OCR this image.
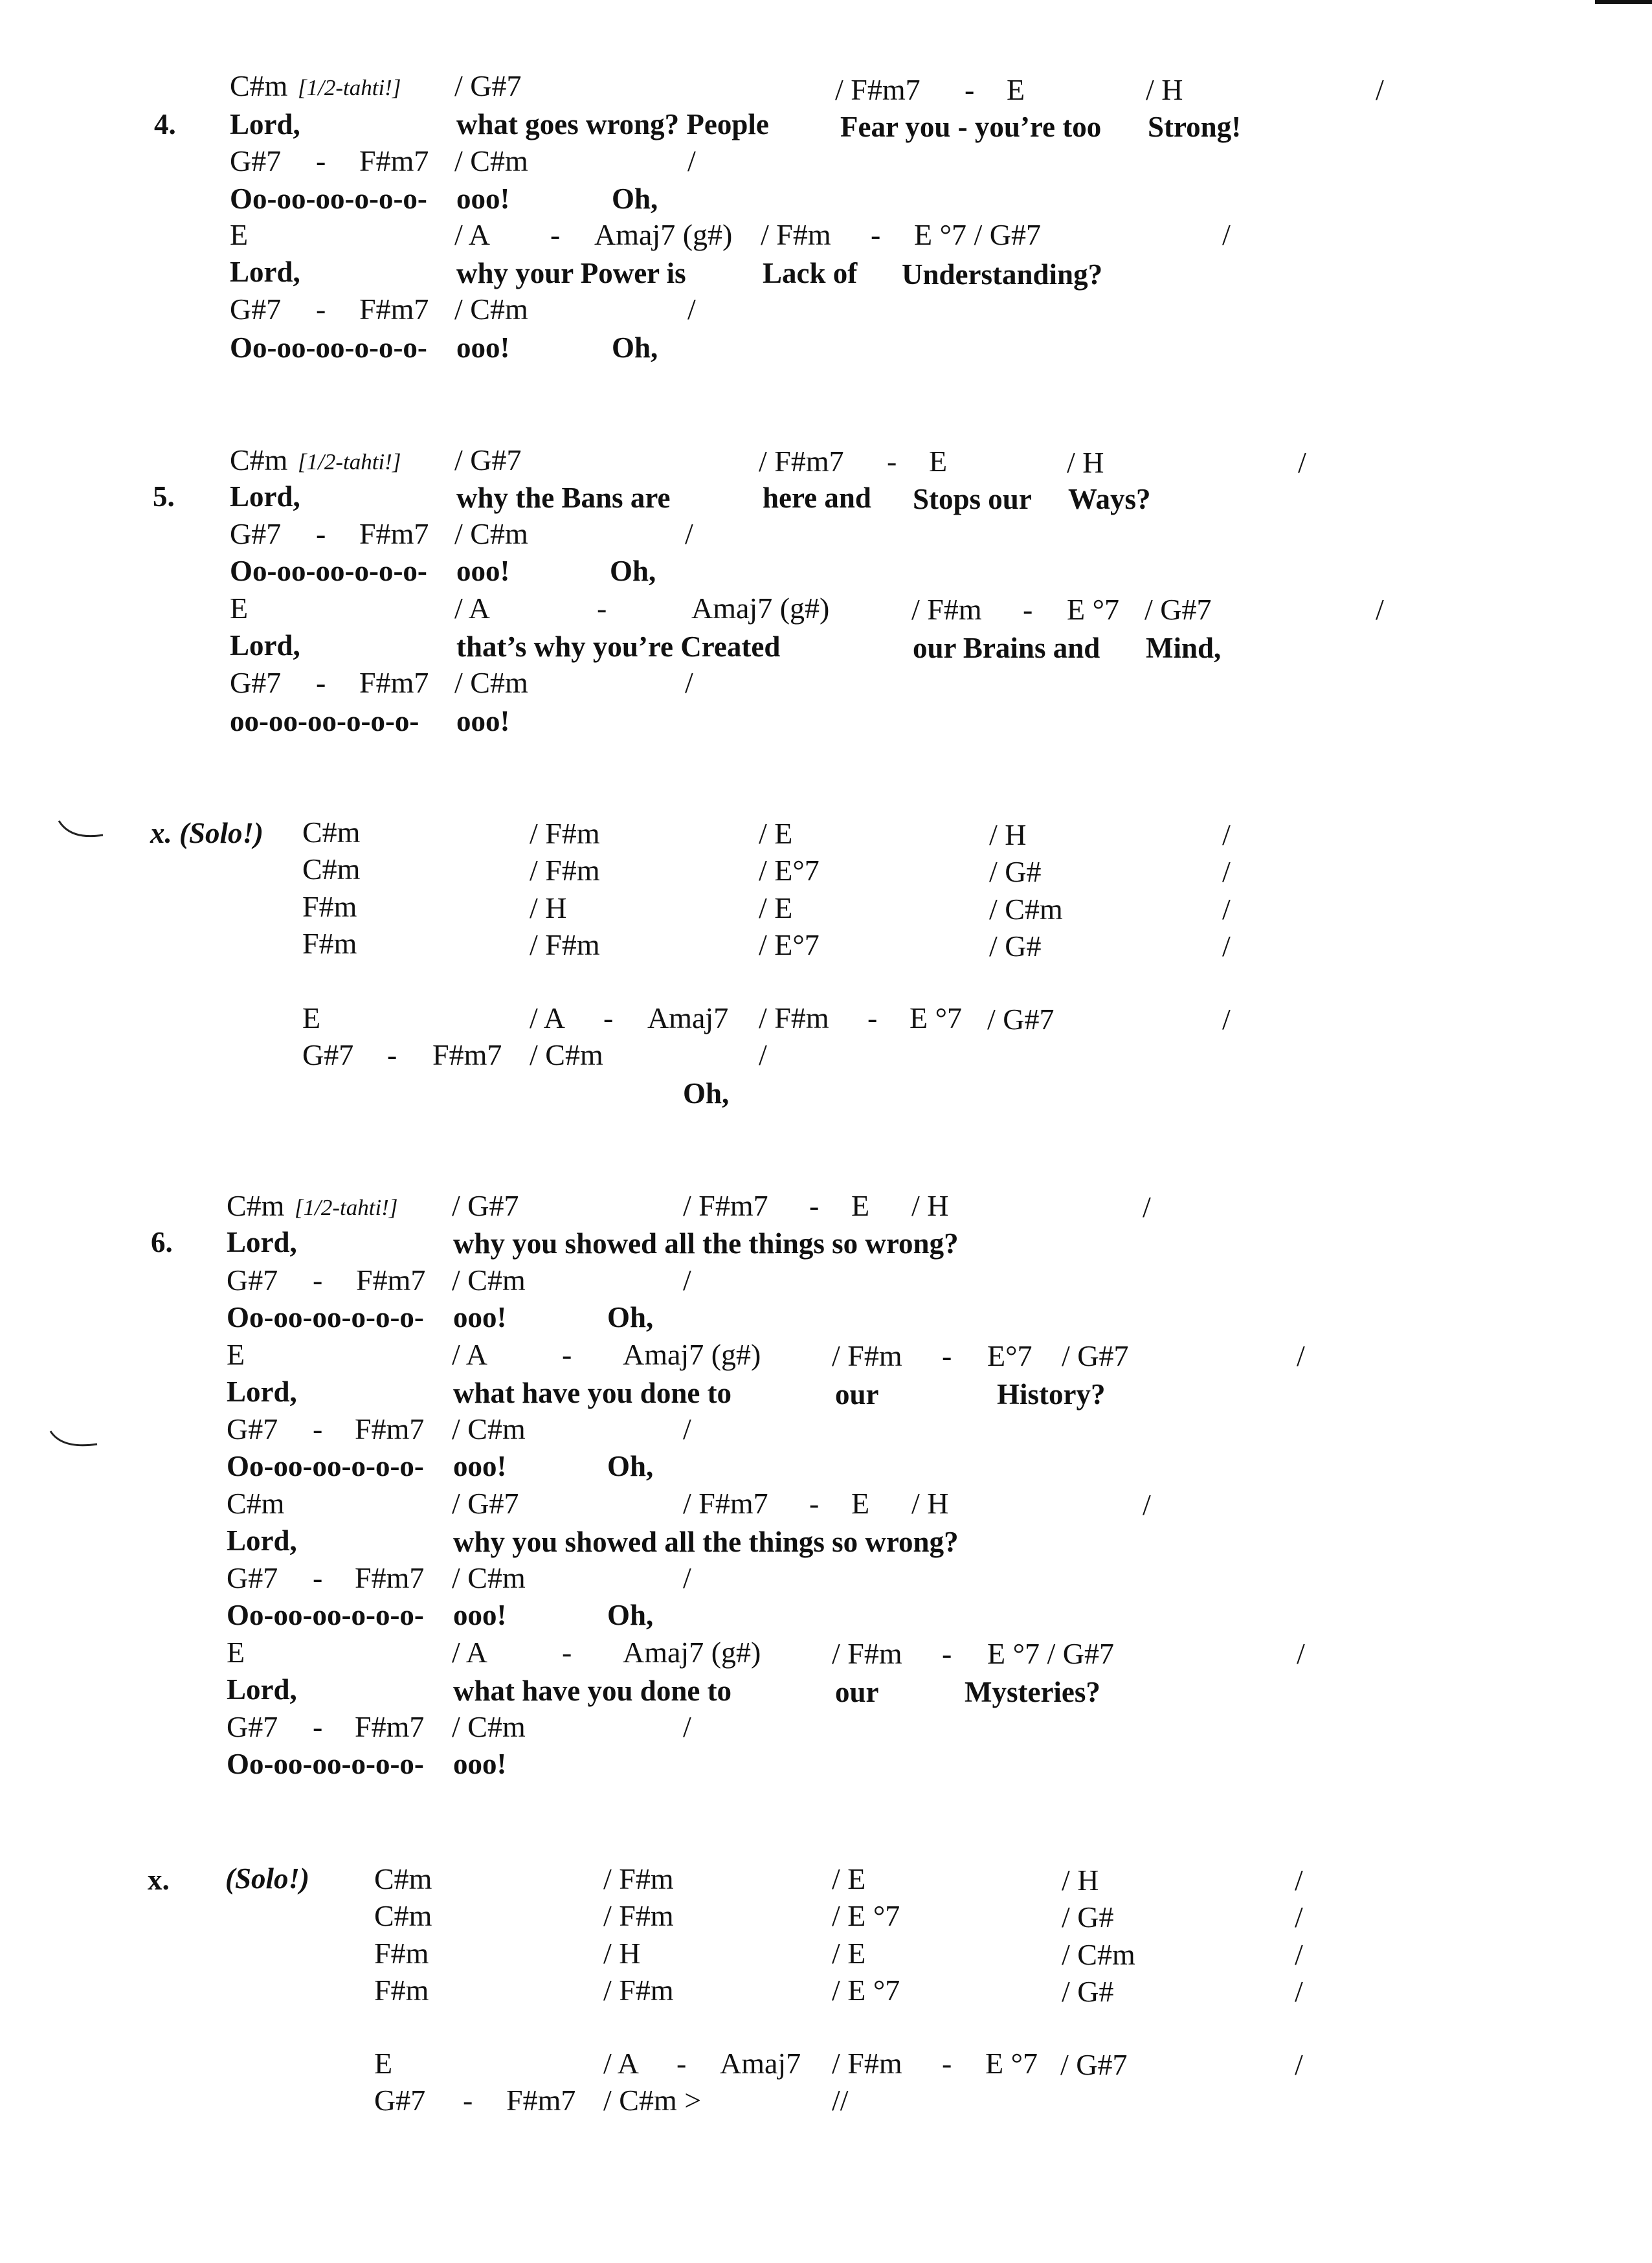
C#m [1/2-tahti!] / G#7	/ F#m7 - E	/ H	/
4. Lord,	what goes wrong? People Fear you - you’re too Strong!
G#7 - F#m7 / C#m	/
Oo-oo-oo-o-o-o- ooo!	Oh,
E	/ A - Amaj7 (g#) / F#m - E °7 / G#7	/
Lord,	why your Power is	Lack of Understanding?
G#7 - F#m7 / C#m	/
Oo-oo-oo-o-o-o- ooo!	Oh,
C#m [1/2-tahti!] / G#7	/ F#m7 - E	/ H	/
5. Lord,	why the Bans are	here and Stops our Ways?
G#7 - F#m7 / C#m	/
Oo-oo-oo-o-o-o- ooo!	Oh,
E	/ A	-	Amaj7 (g#)	/ F#m - E °7 / G#7	/
Lord,	that’s why you’re Created	our Brains and Mind,
G#7 - F#m7 / C#m	/
oo-oo-oo-o-o-o- ooo!
x. (Solo!) C#m	/ F#m	/ E	/ H	/
C#m	/ F#m	/ E°7	/ G#	/
F#m	/ H	/ E	/ C#m	/
F#m	/ F#m	/ E°7	/ G#	/
E	/ A - Amaj7 / F#m - E °7 / G#7	/
G#7 - F#m7 / C#m	/
Oh,
C#m [1/2-tahti!] / G#7	/ F#m7 - E / H	/
6. Lord,	why you showed all the things so wrong?
G#7 - F#m7 / C#m	/
Oo-oo-oo-o-o-o- ooo!	Oh,
E	/ A	- Amaj7 (g#) / F#m - E°7 / G#7	/
Lord,	what have you done to	our	History?
G#7 - F#m7 / C#m	/
Oo-oo-oo-o-o-o- ooo!	Oh,
C#m	/ G#7	/ F#m7 - E / H	/
Lord,	why you showed all the things so wrong?
G#7 - F#m7 / C#m	/
Oo-oo-oo-o-o-o- ooo!	Oh,
E	/ A	- Amaj7 (g#) / F#m - E °7 / G#7	/
Lord,	what have you done to	our	Mysteries?
G#7 - F#m7 / C#m	/
Oo-oo-oo-o-o-o- ooo!
x. (Solo!) C#m	/ F#m	/ E	/ H	/
C#m	/ F#m	/ E °7	/ G#	/
F#m	/ H	/ E	/ C#m	/
F#m	/ F#m	/ E °7	/ G#	/
E	/ A - Amaj7 / F#m - E °7 / G#7	/
G#7 - F#m7 / C#m >	//
